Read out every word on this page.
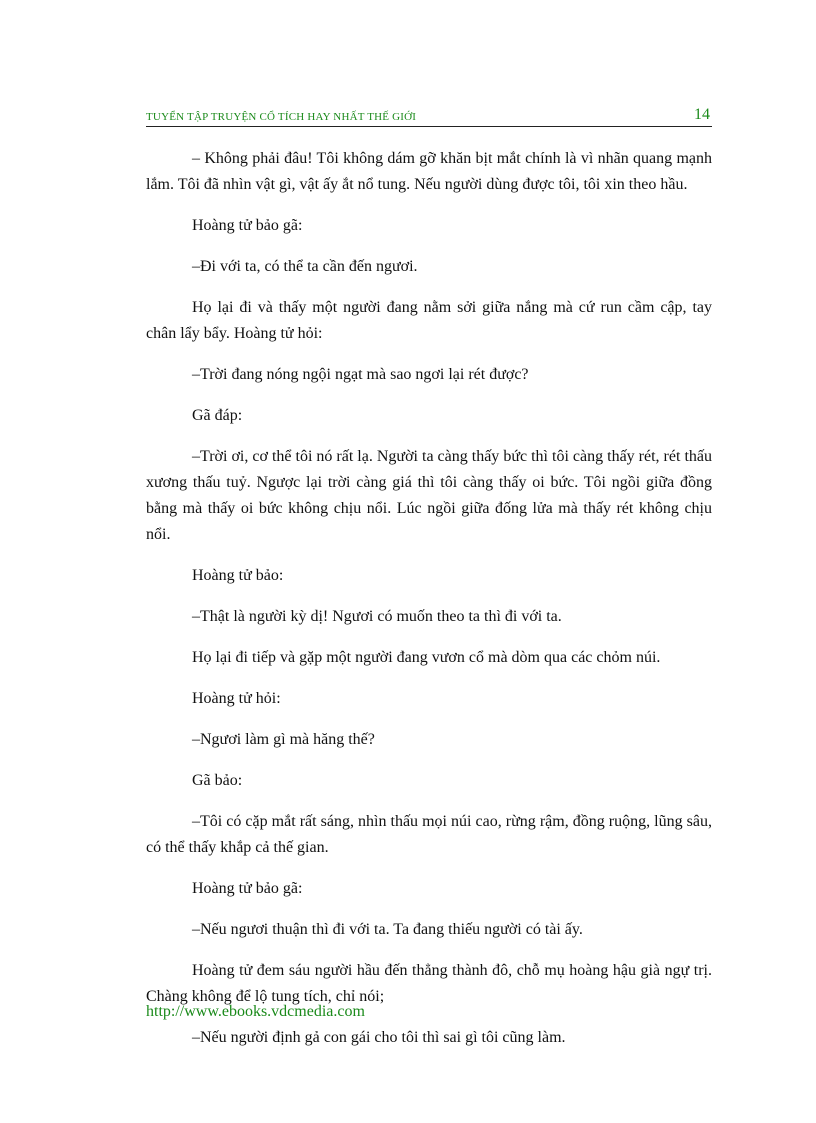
TUYỂN TẬP TRUYỆN CỔ TÍCH HAY NHẤT THẾ GIỚI	14

– Không phải đâu! Tôi không dám gỡ khăn bịt mắt chính là vì nhãn quang mạnh lắm. Tôi đã nhìn vật gì, vật ấy ắt nổ tung. Nếu người dùng được tôi, tôi xin theo hầu.

Hoàng tử bảo gã:

–Đi với ta, có thể ta cần đến ngươi.

Họ lại đi và thấy một người đang nằm sởi giữa nắng mà cứ run cầm cập, tay chân lẩy bẩy. Hoàng tử hỏi:

–Trời đang nóng ngội ngạt mà sao ngơi lại rét được?

Gã đáp:

–Trời ơi, cơ thể tôi nó rất lạ. Người ta càng thấy bức thì tôi càng thấy rét, rét thấu xương thấu tuỷ. Ngược lại trời càng giá thì tôi càng thấy oi bức. Tôi ngồi giữa đồng bằng mà thấy oi bức không chịu nổi. Lúc ngồi giữa đống lửa mà thấy rét không chịu nổi.

Hoàng tử bảo:

–Thật là người kỳ dị! Ngươi có muốn theo ta thì đi với ta.

Họ lại đi tiếp và gặp một người đang vươn cổ mà dòm qua các chỏm núi.

Hoàng tử hỏi:

–Ngươi làm gì mà hăng thế?

Gã bảo:

–Tôi có cặp mắt rất sáng, nhìn thấu mọi núi cao, rừng rậm, đồng ruộng, lũng sâu, có thể thấy khắp cả thế gian.

Hoàng tử bảo gã:

–Nếu ngươi thuận thì đi với ta. Ta đang thiếu người có tài ấy.

Hoàng tử đem sáu người hầu đến thẳng thành đô, chỗ mụ hoàng hậu già ngự trị. Chàng không để lộ tung tích, chỉ nói;

–Nếu người định gả con gái cho tôi thì sai gì tôi cũng làm.

http://www.ebooks.vdcmedia.com
